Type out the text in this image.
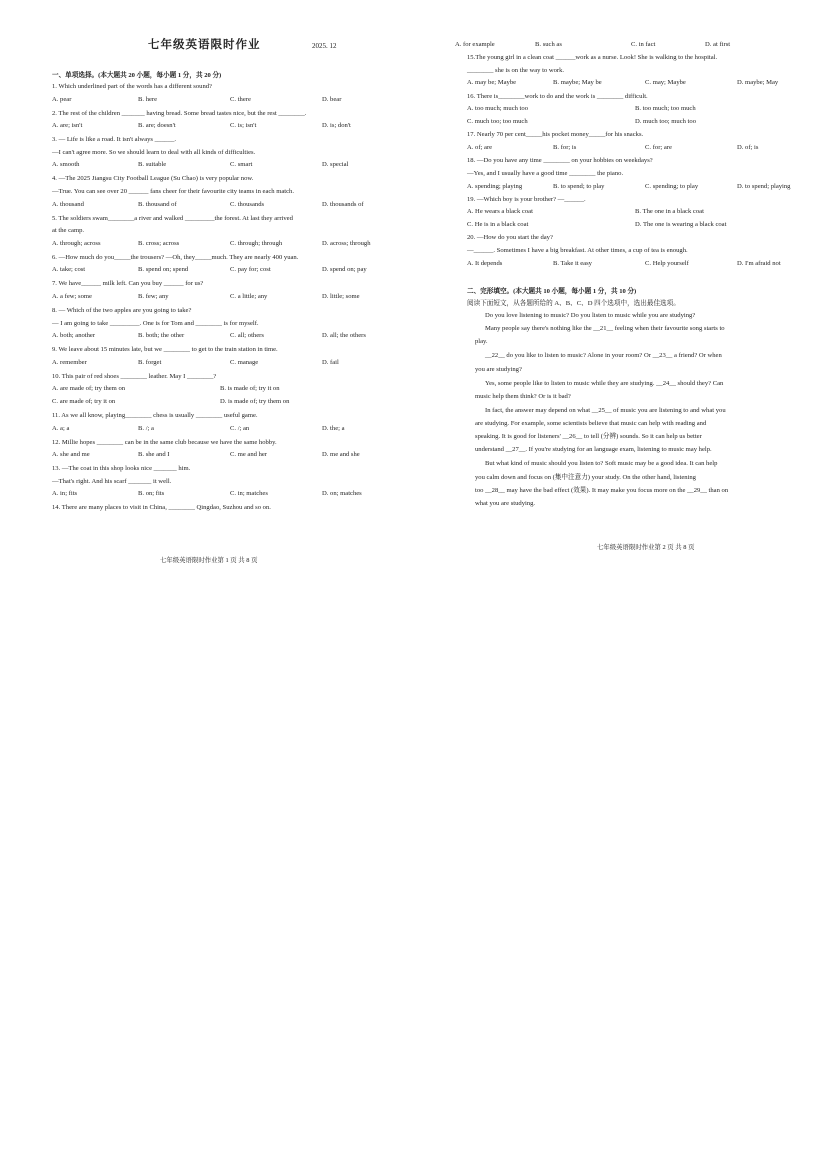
七年级英语限时作业	2025. 12
一、单项选择。(本大题共 20 小题，每小题 1 分，共 20 分)
1. Which underlined part of the words has a different sound?
A. pear	B. here	C. there	D. bear
2. The rest of the children _______ having bread. Some bread tastes nice, but the rest ________.
A. are; isn't	B. are; doesn't	C. is; isn't	D. is; don't
3. — Life is like a road. It isn't always ______.
—I can't agree more. So we should learn to deal with all kinds of difficulties.
A. smooth	B. suitable	C. smart	D. special
4. —The 2025 Jiangsu City Football League (Su Chao) is very popular now.
—True. You can see over 20 ______ fans cheer for their favourite city teams in each match.
A. thousand	B. thousand of	C. thousands	D. thousands of
5. The soldiers swam________a river and walked _________the forest. At last they arrived
at the camp.
A. through; across	B. cross; across	C. through; through	D. across; through
6. —How much do you_____the trousers? —Oh, they_____much. They are nearly 400 yuan.
A. take; cost	B. spend on; spend	C. pay for; cost	D. spend on; pay
7. We have______ milk left. Can you buy ______ for us?
A. a few; some	B. few; any	C. a little; any	D. little; some
8. — Which of the two apples are you going to take?
— I am going to take _________. One is for Tom and ________ is for myself.
A. both; another	B. both; the other	C. all; others	D. all; the others
9. We leave about 15 minutes late, but we ________ to get to the train station in time.
A. remember	B. forget	C. manage	D. fail
10. This pair of red shoes ________ leather. May I ________?
A. are made of; try them on	B. is made of; try it on
C. are made of; try it on	D. is made of; try them on
11. As we all know, playing________ chess is usually ________ useful game.
A. a; a	B. /; a	C. /; an	D. the; a
12. Millie hopes ________ can be in the same club because we have the same hobby.
A. she and me	B. she and I	C. me and her	D. me and she
13. —The coat in this shop looks nice _______ him.
—That's right. And his scarf _______ it well.
A. in; fits	B. on; fits	C. in; matches	D. on; matches
14. There are many places to visit in China, ________ Qingdao, Suzhou and so on.
七年级英语限时作业第 1 页 共 8 页
A. for example	B. such as	C. in fact	D. at first
15.The young girl in a clean coat ______work as a nurse. Look! She is walking to the hospital.
________ she is on the way to work.
A. may be; Maybe	B. maybe; May be	C. may; Maybe	D. maybe; May
16. There is________work to do and the work is ________ difficult.
A. too much; much too	B. too much; too much
C. much too; too much	D. much too; much too
17. Nearly 70 per cent_____his pocket money_____for his snacks.
A. of; are	B. for; is	C. for; are	D. of; is
18. —Do you have any time ________ on your hobbies on weekdays?
—Yes, and I usually have a good time ________ the piano.
A. spending; playing	B. to spend; to play	C. spending; to play	D. to spend; playing
19. —Which boy is your brother? —______.
A. He wears a black coat	B. The one in a black coat
C. He is in a black coat	D. The one is wearing a black coat
20. —How do you start the day?
—______. Sometimes I have a big breakfast. At other times, a cup of tea is enough.
A. It depends	B. Take it easy	C. Help yourself	D. I'm afraid not
二、完形填空。(本大题共 10 小题，每小题 1 分，共 10 分)
阅读下面短文，从各题所给的 A、B、C、D 四个选项中，选出最佳选项。
Do you love listening to music? Do you listen to music while you are studying?
Many people say there's nothing like the __21__ feeling when their favourite song starts to
play.
__22__ do you like to listen to music? Alone in your room? Or __23__ a friend? Or when
you are studying?
Yes, some people like to listen to music while they are studying. __24__ should they? Can
music help them think? Or is it bad?
In fact, the answer may depend on what __25__ of music you are listening to and what you
are studying. For example, some scientists believe that music can help with reading and
speaking. It is good for listeners' __26__ to tell (分辨) sounds. So it can help us better
understand __27__. If you're studying for an language exam, listening to music may help.
But what kind of music should you listen to? Soft music may be a good idea. It can help
you calm down and focus on (集中注意力) your study. On the other hand, listening
too __28__ may have the bad effect (效果). It may make you focus more on the __29__ than on
what you are studying.
七年级英语限时作业第 2 页 共 8 页
